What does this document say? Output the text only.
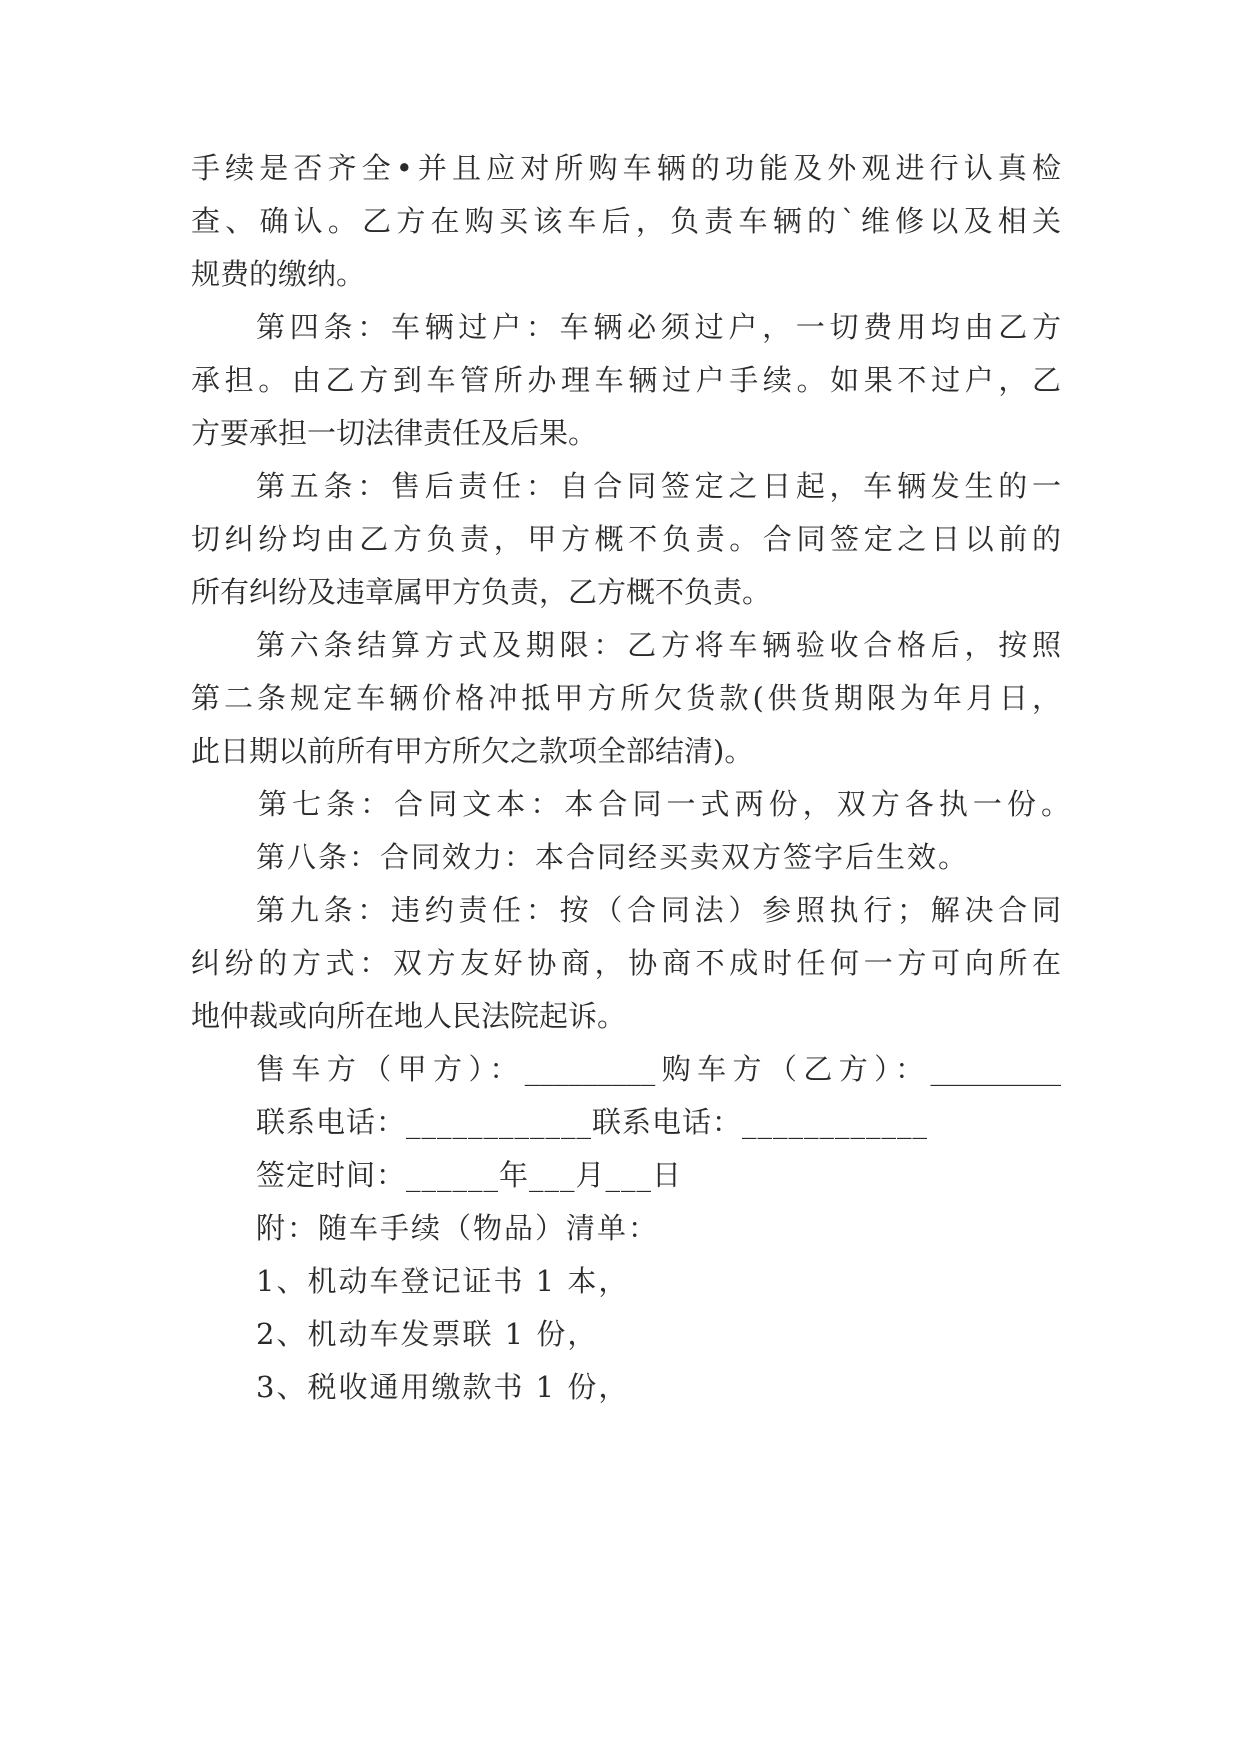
手续是否齐全•并且应对所购车辆的功能及外观进行认真检
查、确认。乙方在购买该车后，负责车辆的`维修以及相关
规费的缴纳。
第四条：车辆过户：车辆必须过户，一切费用均由乙方
承担。由乙方到车管所办理车辆过户手续。如果不过户，乙
方要承担一切法律责任及后果。
第五条：售后责任：自合同签定之日起，车辆发生的一
切纠纷均由乙方负责，甲方概不负责。合同签定之日以前的
所有纠纷及违章属甲方负责，乙方概不负责。
第六条结算方式及期限：乙方将车辆验收合格后，按照
第二条规定车辆价格冲抵甲方所欠货款(供货期限为年月日，
此日期以前所有甲方所欠之款项全部结清)。
第七条：合同文本：本合同一式两份，双方各执一份。
第八条：合同效力：本合同经买卖双方签字后生效。
第九条：违约责任：按（合同法）参照执行；解决合同
纠纷的方式：双方友好协商，协商不成时任何一方可向所在
地仲裁或向所在地人民法院起诉。
售车方（甲方）：_________购车方（乙方）：_________
联系电话：____________联系电话：____________
签定时间：______年___月___日
附：随车手续（物品）清单：
1、机动车登记证书 1 本，
2、机动车发票联 1 份，
3、税收通用缴款书 1 份，
